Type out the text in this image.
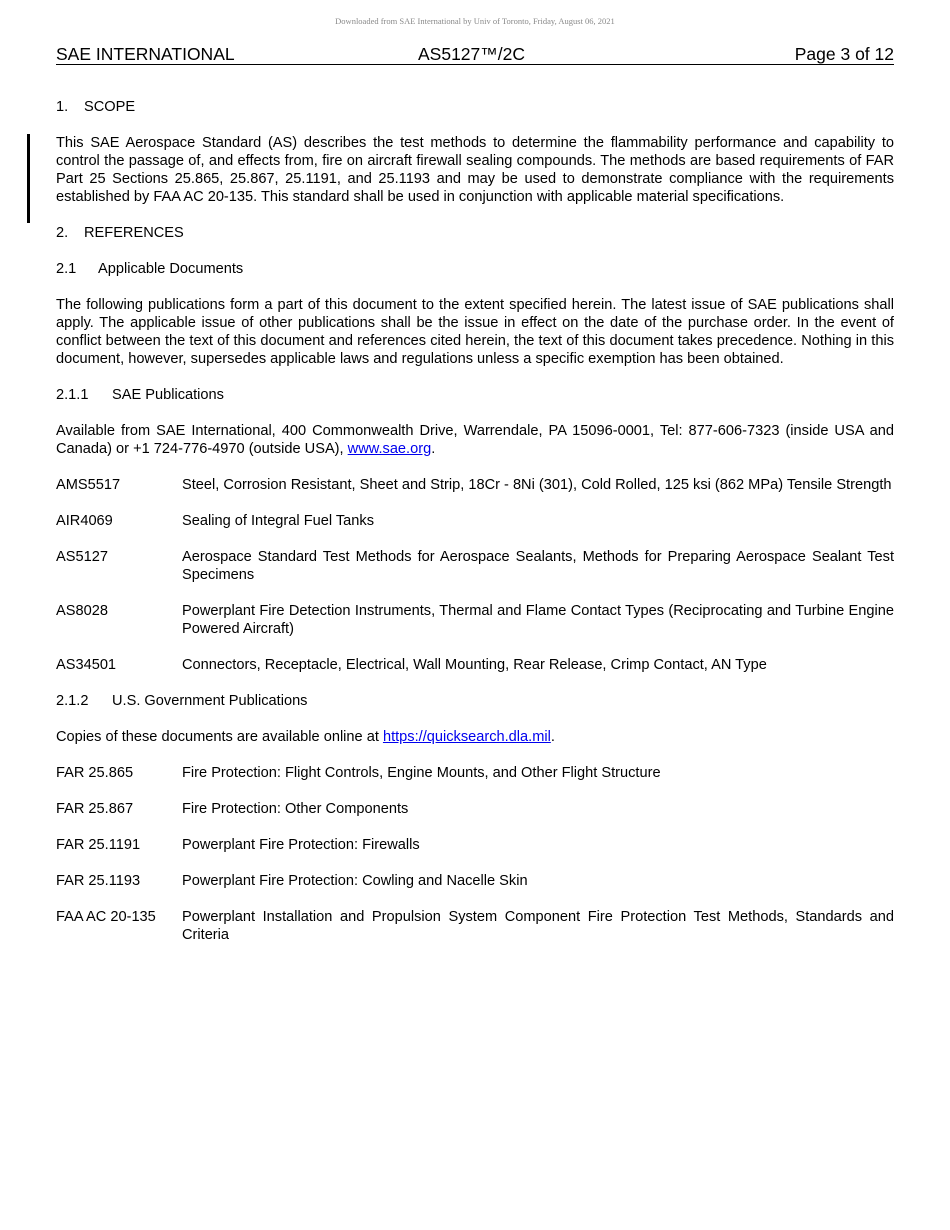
Downloaded from SAE International by Univ of Toronto, Friday, August 06, 2021
SAE INTERNATIONAL	AS5127™/2C	Page 3 of 12

1. SCOPE

This SAE Aerospace Standard (AS) describes the test methods to determine the flammability performance and capability to control the passage of, and effects from, fire on aircraft firewall sealing compounds. The methods are based requirements of FAR Part 25 Sections 25.865, 25.867, 25.1191, and 25.1193 and may be used to demonstrate compliance with the requirements established by FAA AC 20-135. This standard shall be used in conjunction with applicable material specifications.

2. REFERENCES

2.1 Applicable Documents

The following publications form a part of this document to the extent specified herein. The latest issue of SAE publications shall apply. The applicable issue of other publications shall be the issue in effect on the date of the purchase order. In the event of conflict between the text of this document and references cited herein, the text of this document takes precedence. Nothing in this document, however, supersedes applicable laws and regulations unless a specific exemption has been obtained.

2.1.1 SAE Publications

Available from SAE International, 400 Commonwealth Drive, Warrendale, PA 15096-0001, Tel: 877-606-7323 (inside USA and Canada) or +1 724-776-4970 (outside USA), www.sae.org.

AMS5517	Steel, Corrosion Resistant, Sheet and Strip, 18Cr - 8Ni (301), Cold Rolled, 125 ksi (862 MPa) Tensile Strength
AIR4069	Sealing of Integral Fuel Tanks
AS5127	Aerospace Standard Test Methods for Aerospace Sealants, Methods for Preparing Aerospace Sealant Test Specimens
AS8028	Powerplant Fire Detection Instruments, Thermal and Flame Contact Types (Reciprocating and Turbine Engine Powered Aircraft)
AS34501	Connectors, Receptacle, Electrical, Wall Mounting, Rear Release, Crimp Contact, AN Type

2.1.2 U.S. Government Publications

Copies of these documents are available online at https://quicksearch.dla.mil.

FAR 25.865	Fire Protection: Flight Controls, Engine Mounts, and Other Flight Structure
FAR 25.867	Fire Protection: Other Components
FAR 25.1191	Powerplant Fire Protection: Firewalls
FAR 25.1193	Powerplant Fire Protection: Cowling and Nacelle Skin
FAA AC 20-135	Powerplant Installation and Propulsion System Component Fire Protection Test Methods, Standards and Criteria
